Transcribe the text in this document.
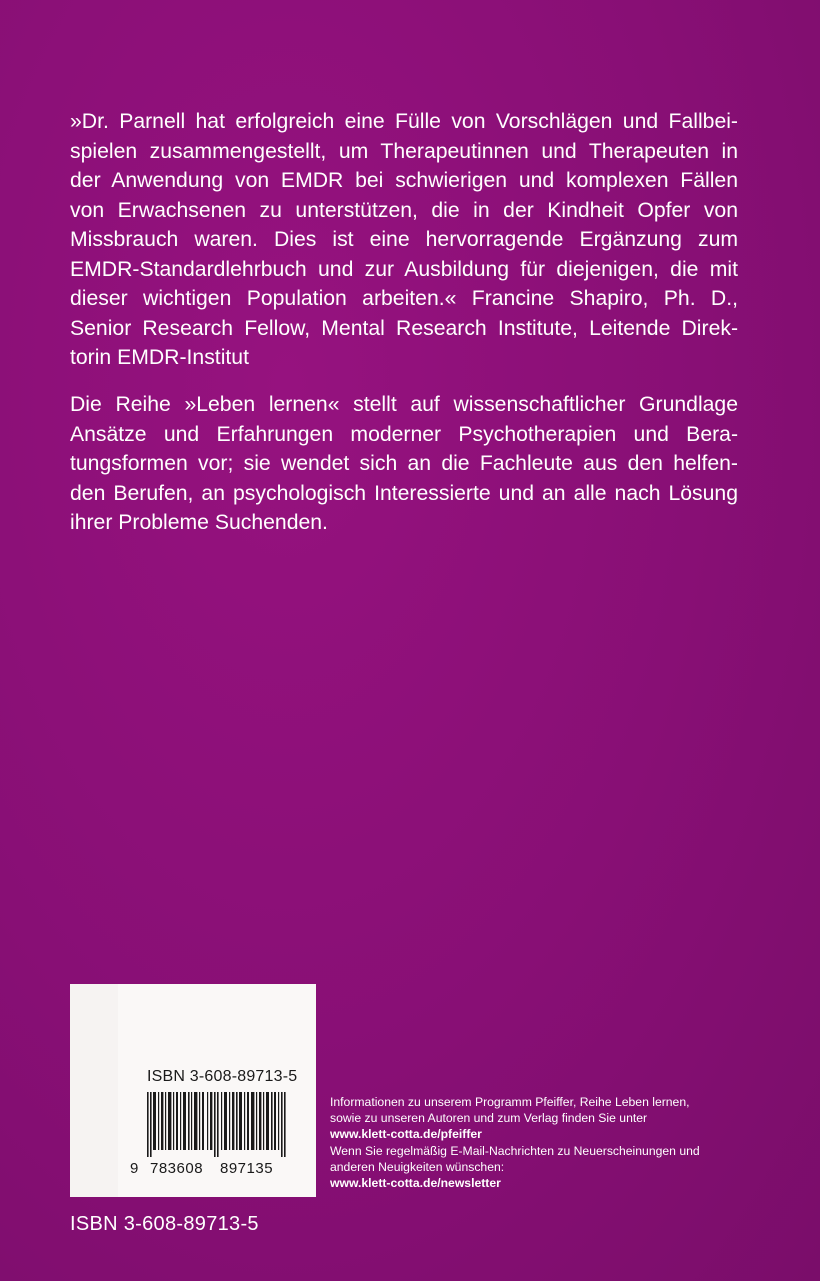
»Dr. Parnell hat erfolgreich eine Fülle von Vorschlägen und Fallbei-
spielen zusammengestellt, um Therapeutinnen und Therapeuten in
der Anwendung von EMDR bei schwierigen und komplexen Fällen
von Erwachsenen zu unterstützen, die in der Kindheit Opfer von
Missbrauch waren. Dies ist eine hervorragende Ergänzung zum
EMDR-Standardlehrbuch und zur Ausbildung für diejenigen, die mit
dieser wichtigen Population arbeiten.« Francine Shapiro, Ph. D.,
Senior Research Fellow, Mental Research Institute, Leitende Direk-
torin EMDR-Institut
Die Reihe »Leben lernen« stellt auf wissenschaftlicher Grundlage
Ansätze und Erfahrungen moderner Psychotherapien und Bera-
tungsformen vor; sie wendet sich an die Fachleute aus den helfen-
den Berufen, an psychologisch Interessierte und an alle nach Lösung
ihrer Probleme Suchenden.
ISBN 3-608-89713-5
9 783608 897135
ISBN 3-608-89713-5
Informationen zu unserem Programm Pfeiffer, Reihe Leben lernen,
sowie zu unseren Autoren und zum Verlag finden Sie unter
www.klett-cotta.de/pfeiffer
Wenn Sie regelmäßig E-Mail-Nachrichten zu Neuerscheinungen und
anderen Neuigkeiten wünschen:
www.klett-cotta.de/newsletter
